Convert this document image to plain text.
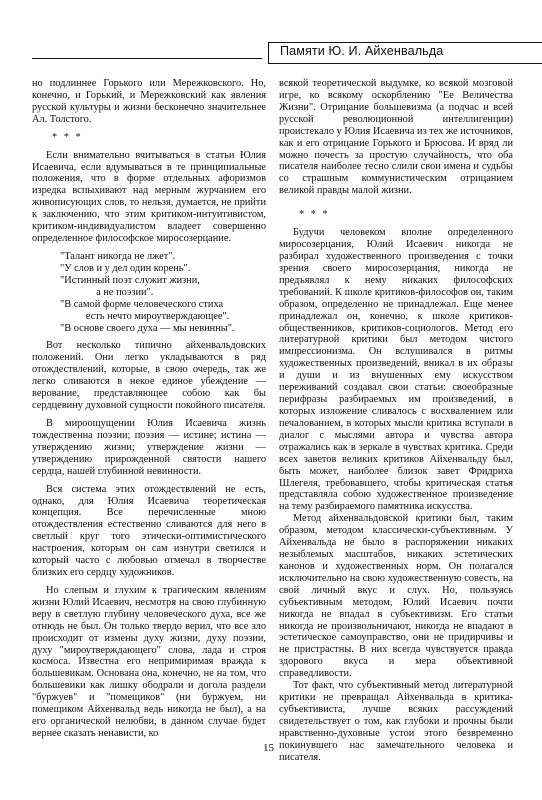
Памяти Ю. И. Айхенвальда

но подлиннее Горького или Мережковского. Но, конечно, и Горький, и Мережковский как явления русской культуры и жизни бесконечно значительнее Ал. Толстого.

* * *

Если внимательно вчитываться в статьи Юлия Исаевича, если вдумываться в те принципиальные положения, что в форме отдельных афоризмов изредка вспыхивают над мерным журчанием его живописующих слов, то нельзя, думается, не прийти к заключению, что этим критиком-интуитивистом, критиком-индивидуалистом владеет совершенно определенное философское миросозерцание.

"Талант никогда не лжет".

"У слов и у дел один корень".

"Истинный поэт служит жизни,

а не поэзии".

"В самой форме человеческого стиха

есть нечто мироутверждающее".

"В основе своего духа — мы невинны".

Вот несколько типично айхенвальдовских положений. Они легко укладываются в ряд отождествлений, которые, в свою очередь, так же легко сливаются в некое единое убеждение — верование, представляющее собою как бы сердцевину духовной сущности покойного писателя.

В мироощущении Юлия Исаевича жизнь тождественна поэзии; поэзия — истине; истина — утверждению жизни; утверждение жизни — утверждению прирожденной святости нашего сердца, нашей глубинной невинности.

Вся система этих отождествлений не есть, однако, для Юлия Исаевича теоретическая концепция. Все перечисленные мною отождествления естественно сливаются для него в светлый круг того этически-оптимистического настроения, которым он сам изнутри светился и который часто с любовью отмечал в творчестве близких его сердцу художников.

Но слепым и глухим к трагическим явлениям жизни Юлий Исаевич, несмотря на свою глубинную веру в светлую глубину человеческого духа, все же отнюдь не был. Он только твердо верил, что все зло происходит от измены духу жизни, духу поэзии, духу "мироутверждающего" слова, лада и строя космоса. Известна его непримиримая вражда к большевикам. Основана она, конечно, не на том, что большевики как лишку ободрали и догола раздели "буржуев" и "помещиков" (ни буржуем, ни помещиком Айхенвальд ведь никогда не был), а на его органической нелюбви, в данном случае будет вернее сказать ненависти, ко

всякой теоретической выдумке, ко всякой мозговой игре, ко всякому оскорблению "Ее Величества Жизни". Отрицание большевизма (а подчас и всей русской революционной интеллигенции) проистекало у Юлия Исаевича из тех же источников, как и его отрицание Горького и Брюсова. И вряд ли можно почесть за простую случайность, что оба писателя наиболее тесно слили свои имена и судьбы со страшным коммунистическим отрицанием великой правды малой жизни.

* * *

Будучи человеком вполне определенного миросозерцания, Юлий Исаевич никогда не разбирал художественного произведения с точки зрения своего миросозерцания, никогда не предъявлял к нему никаких философских требований. К школе критиков-философов он, таким образом, определенно не принадлежал. Еще менее принадлежал он, конечно, к школе критиков-общественников, критиков-социологов. Метод его литературной критики был методом чистого импрессионизма. Он вслушивался в ритмы художественных произведений, вникал в их образы и души и из внушенных ему искусством переживаний создавал свои статьи: своеобразные перифразы разбираемых им произведений, в которых изложение сливалось с восхвалением или печалованием, в которых мысли критика вступали в диалог с мыслями автора и чувства автора отражались как в зеркале в чувствах критика. Среди всех заветов великих критиков Айхенвальду был, быть может, наиболее близок завет Фридриха Шлегеля, требовавшего, чтобы критическая статья представляла собою художественное произведение на тему разбираемого памятника искусства.

Метод айхенвальдовской критики был, таким образом, методом классически-субъективным. У Айхенвальда не было в распоряжении никаких незыблемых масштабов, никаких эстетических канонов и художественных норм. Он полагался исключительно на свою художественную совесть, на свой личный вкус и слух. Но, пользуясь субъективным методом, Юлий Исаевич почти никогда не впадал в субъективизм. Его статьи никогда не произвольничают, никогда не впадают в эстетическое самоуправство, они не придирчивы и не пристрастны. В них всегда чувствуется правда здорового вкуса и мера объективной справедливости.

Тот факт, что субъективный метод литературной критики не превращал Айхенвальда в критика-субъективиста, лучше всяких рассуждений свидетельствует о том, как глубоки и прочны были нравственно-духовные устои этого безвременно покинувшего нас замечательного человека и писателя.

15
